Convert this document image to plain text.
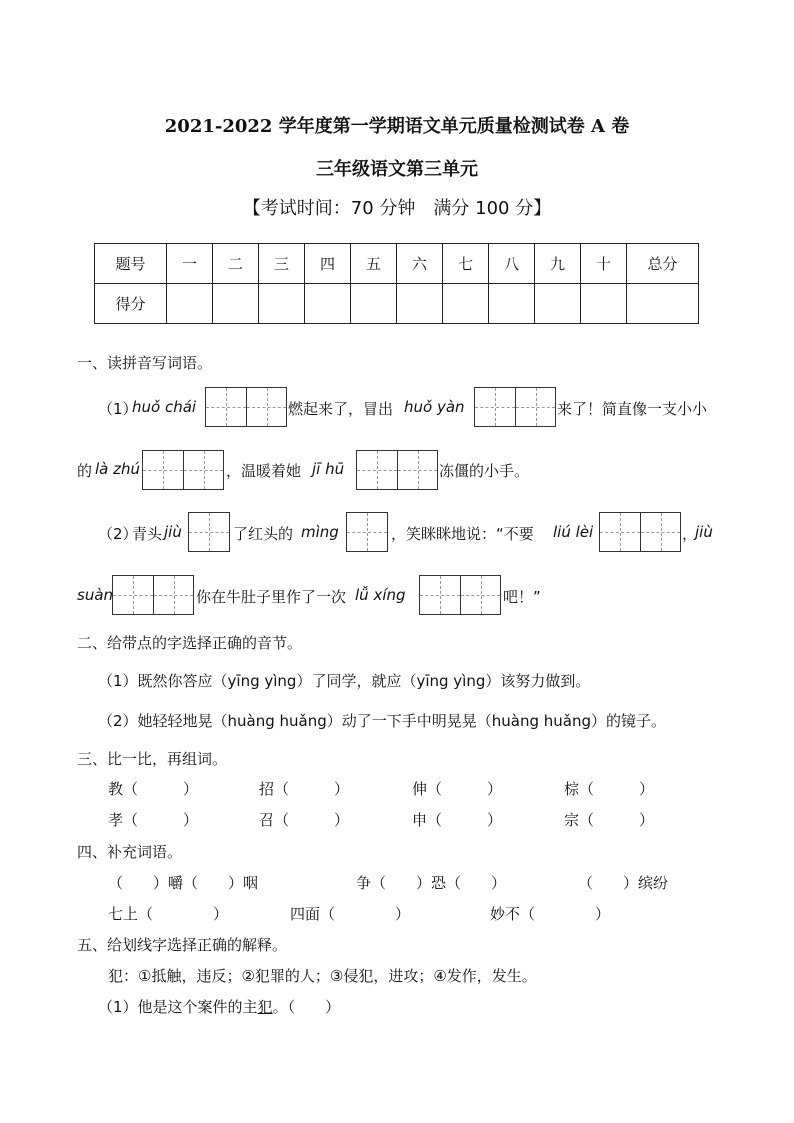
2021-2022 学年度第一学期语文单元质量检测试卷 A 卷
三年级语文第三单元
【考试时间：70 分钟　满分 100 分】
题号	一	二	三	四	五	六	七	八	九	十	总分
得分											
一、读拼音写词语。
（1）
huǒ chái	燃起来了，冒出 huǒ yàn	来了！简直像一支小小
的 là zhú	，温暖着她 jī hū	冻僵的小手。
（2）
青头 jiù	了红头的 mìng	，笑眯眯地说：“不要 liú lèi	，
jiù
suàn	你在牛肚子里作了一次 lǚ xíng	吧！”
二、给带点的字选择正确的音节。
（1）既然你答应（yīng yìng）了同学，就应（yīng yìng）该努力做到。
（2）她轻轻地晃（huàng huǎng）动了一下手中明晃晃（huàng huǎng）的镜子。
三、比一比，再组词。
教（　　　）	招（　　　）	伸（　　　）	棕（　　　）
孝（　　　）	召（　　　）	申（　　　）	宗（　　　）
四、补充词语。
（　　）嚼（　　）咽	争（　　）恐（　　）	（　　）缤纷
七上（　　　　）	四面（　　　　）	妙不（　　　　）
五、给划线字选择正确的解释。
犯：①抵触，违反；②犯罪的人；③侵犯，进攻；④发作，发生。
（1）他是这个案件的主犯。（　　）
